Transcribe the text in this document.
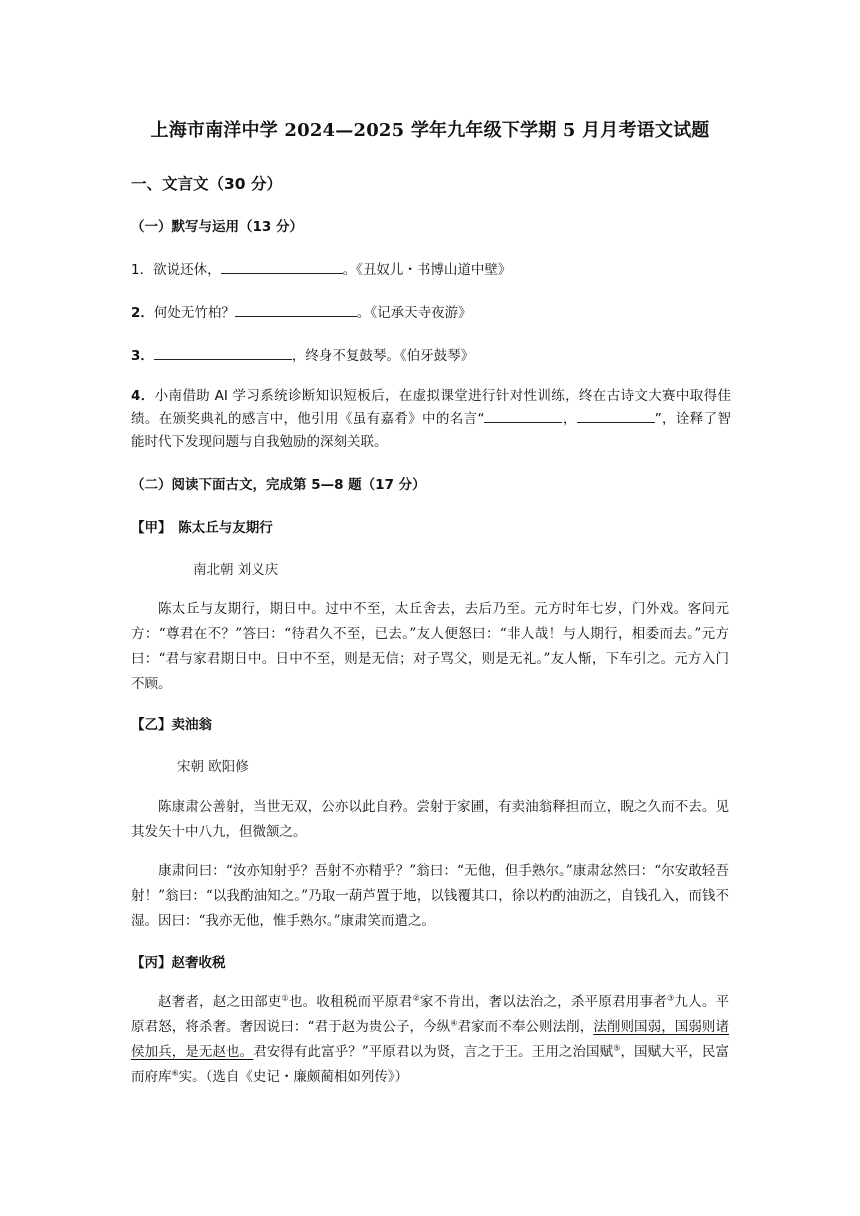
上海市南洋中学 2024—2025 学年九年级下学期 5 月月考语文试题
一、文言文（30 分）
（一）默写与运用（13 分）
1．欲说还休，	。《丑奴儿・书博山道中壁》
2．何处无竹柏？	。《记承天寺夜游》
3．	，终身不复鼓琴。《伯牙鼓琴》
4．小南借助 AI 学习系统诊断知识短板后，在虚拟课堂进行针对性训练，终在古诗文大赛中取得佳绩。在颁奖典礼的感言中，他引用《虽有嘉肴》中的名言“	，	”，诠释了智能时代下发现问题与自我勉励的深刻关联。
（二）阅读下面古文，完成第 5—8 题（17 分）
【甲】　陈太丘与友期行
南北朝 刘义庆
陈太丘与友期行，期日中。过中不至，太丘舍去，去后乃至。元方时年七岁，门外戏。客问元方：“尊君在不？”答曰：“待君久不至，已去。”友人便怒曰：“非人哉！与人期行，相委而去。”元方曰：“君与家君期日中。日中不至，则是无信；对子骂父，则是无礼。”友人惭，下车引之。元方入门不顾。
【乙】卖油翁
宋朝 欧阳修
陈康肃公善射，当世无双，公亦以此自矜。尝射于家圃，有卖油翁释担而立，睨之久而不去。见其发矢十中八九，但微颔之。
康肃问曰：“汝亦知射乎？吾射不亦精乎？”翁曰：“无他，但手熟尔。”康肃忿然曰：“尔安敢轻吾射！”翁曰：“以我酌油知之。”乃取一葫芦置于地，以钱覆其口，徐以杓酌油沥之，自钱孔入，而钱不湿。因曰：“我亦无他，惟手熟尔。”康肃笑而遣之。
【丙】赵奢收税
赵奢者，赵之田部吏①也。收租税而平原君②家不肯出，奢以法治之，杀平原君用事者③九人。平原君怒，将杀奢。奢因说曰：“君于赵为贵公子，今纵④君家而不奉公则法削，法削则国弱，国弱则诸侯加兵，是无赵也。君安得有此富乎？”平原君以为贤，言之于王。王用之治国赋⑤，国赋大平，民富而府库⑥实。（选自《史记・廉颇蔺相如列传》）
